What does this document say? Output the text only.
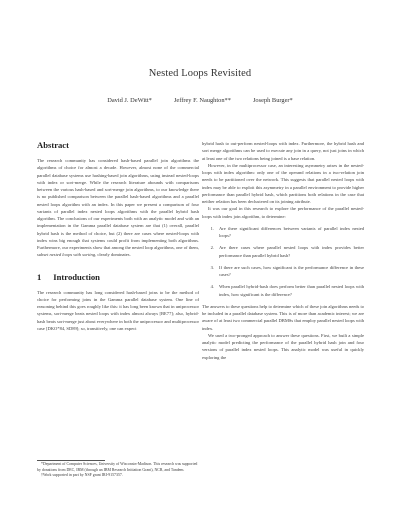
Nested Loops Revisited
David J. DeWitt*	Jeffrey F. Naughton**	Joseph Burger*
Abstract

The research community has considered hash-based parallel join algorithms the algorithms of choice for almost a decade. However, almost none of the commercial parallel database systems use hashing-based join algorithms, using instead nested-loops with index or sort-merge. While the research literature abounds with comparisons between the various hash-based and sort-merge join algorithms, to our knowledge there is no published comparison between the parallel hash-based algorithms and a parallel nested loops algorithm with an index. In this paper we present a comparison of four variants of parallel index nested loops algorithms with the parallel hybrid hash algorithm. The conclusions of our experiments both with an analytic model and with an implementation in the Gamma parallel database system are that (1) overall, parallel hybrid hash is the method of choice, but (2) there are cases where nested-loops with index wins big enough that systems could profit from implementing both algorithms. Furthermore, our experiments show that among the nested loop algorithms, one of them, subset nested loops with sorting, clearly dominates.

1 Introduction

The research community has long considered hash-based joins to be the method of choice for performing joins in the Gamma parallel database system. One line of reasoning behind this goes roughly like this: it has long been known that in uniprocessor systems, sort-merge beats nested loops with index almost always [BE77]; also, hybrid-hash beats sort-merge just about everywhere in both the uniprocessor and multiprocessor case [DKO*84, SD89]; so, transitively, one can expect

*Department of Computer Sciences, University of Wisconsin-Madison. This research was supported by donations from DEC, IBM (through an IBM Research Initiation Grant), NCR, and Tandem.

†Work supported in part by NSF grant IRI-9157357.

hybrid hash to out-perform nested-loops with index. Furthermore, the hybrid hash and sort merge algorithms can be used to execute any join in a query, not just joins in which at least one of the two relations being joined is a base relation.

However, in the multiprocessor case, an interesting asymmetry arises in the nested-loops with index algorithm: only one of the operand relations in a two-relation join needs to be partitioned over the network. This suggests that parallel nested loops with index may be able to exploit this asymmetry in a parallel environment to provide higher performance than parallel hybrid hash, which partitions both relations in the case that neither relation has been declustered on its joining attribute.

It was our goal in this research to explore the performance of the parallel nested-loops with index join algorithm, to determine:

1.	Are there significant differences between variants of parallel index nested loops?
2.	Are there cases where parallel nested loops with index provides better performance than parallel hybrid hash?
3.	If there are such cases, how significant is the performance difference in these cases?
4.	When parallel hybrid-hash does perform better than parallel nested loops with index, how significant is the difference?

The answers to these questions help to determine which of these join algorithms needs to be included in a parallel database system. This is of more than academic interest; we are aware of at least two commercial parallel DBMSs that employ parallel nested loops with index.

We used a two-pronged approach to answer these questions. First, we built a simple analytic model predicting the performance of the parallel hybrid hash join and four versions of parallel index nested loops. This analytic model was useful in quickly exploring the
